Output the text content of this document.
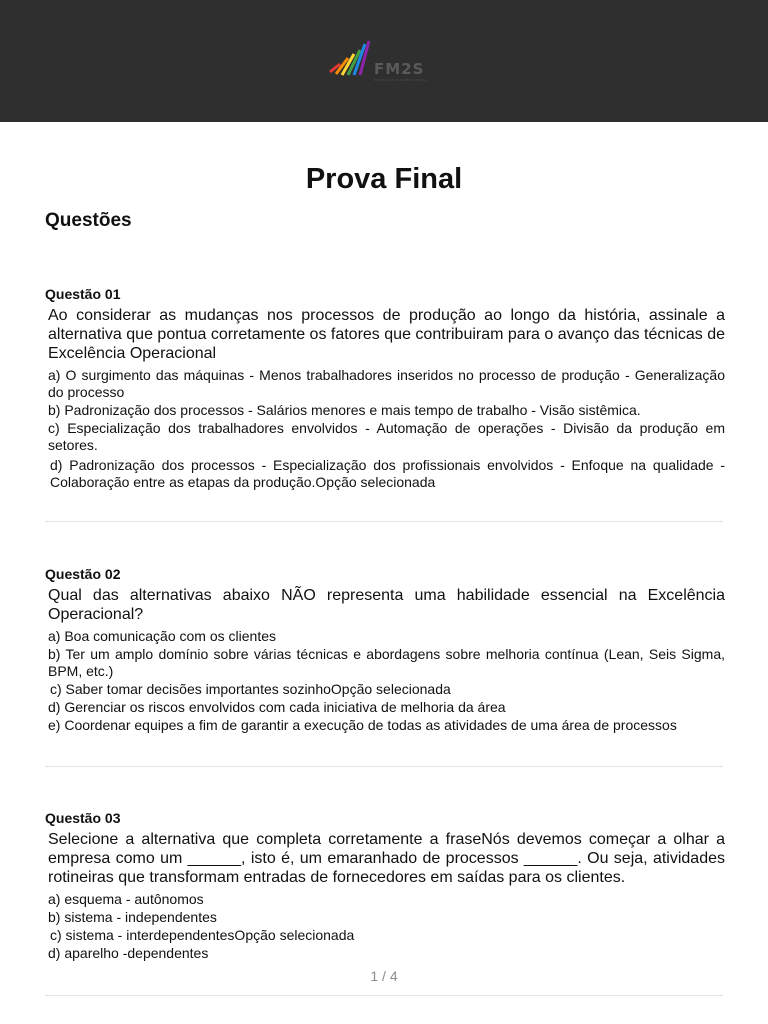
FM2S
EDUCAÇÃO E CONSULTORIA
Prova Final
Questões
Questão 01
Ao considerar as mudanças nos processos de produção ao longo da história, assinale a alternativa que pontua corretamente os fatores que contribuiram para o avanço das técnicas de Excelência Operacional
a) O surgimento das máquinas - Menos trabalhadores inseridos no processo de produção - Generalização do processo
b) Padronização dos processos - Salários menores e mais tempo de trabalho - Visão sistêmica.
c) Especialização dos trabalhadores envolvidos - Automação de operações - Divisão da produção em setores.
d) Padronização dos processos - Especialização dos profissionais envolvidos - Enfoque na qualidade - Colaboração entre as etapas da produção.Opção selecionada
Questão 02
Qual das alternativas abaixo NÃO representa uma habilidade essencial na Excelência Operacional?
a) Boa comunicação com os clientes
b) Ter um amplo domínio sobre várias técnicas e abordagens sobre melhoria contínua (Lean, Seis Sigma, BPM, etc.)
c) Saber tomar decisões importantes sozinhoOpção selecionada
d) Gerenciar os riscos envolvidos com cada iniciativa de melhoria da área
e) Coordenar equipes a fim de garantir a execução de todas as atividades de uma área de processos
Questão 03
Selecione a alternativa que completa corretamente a fraseNós devemos começar a olhar a empresa como um ______, isto é, um emaranhado de processos ______. Ou seja, atividades rotineiras que transformam entradas de fornecedores em saídas para os clientes.
a) esquema - autônomos
b) sistema - independentes
c) sistema - interdependentesOpção selecionada
d) aparelho -dependentes
1 / 4
